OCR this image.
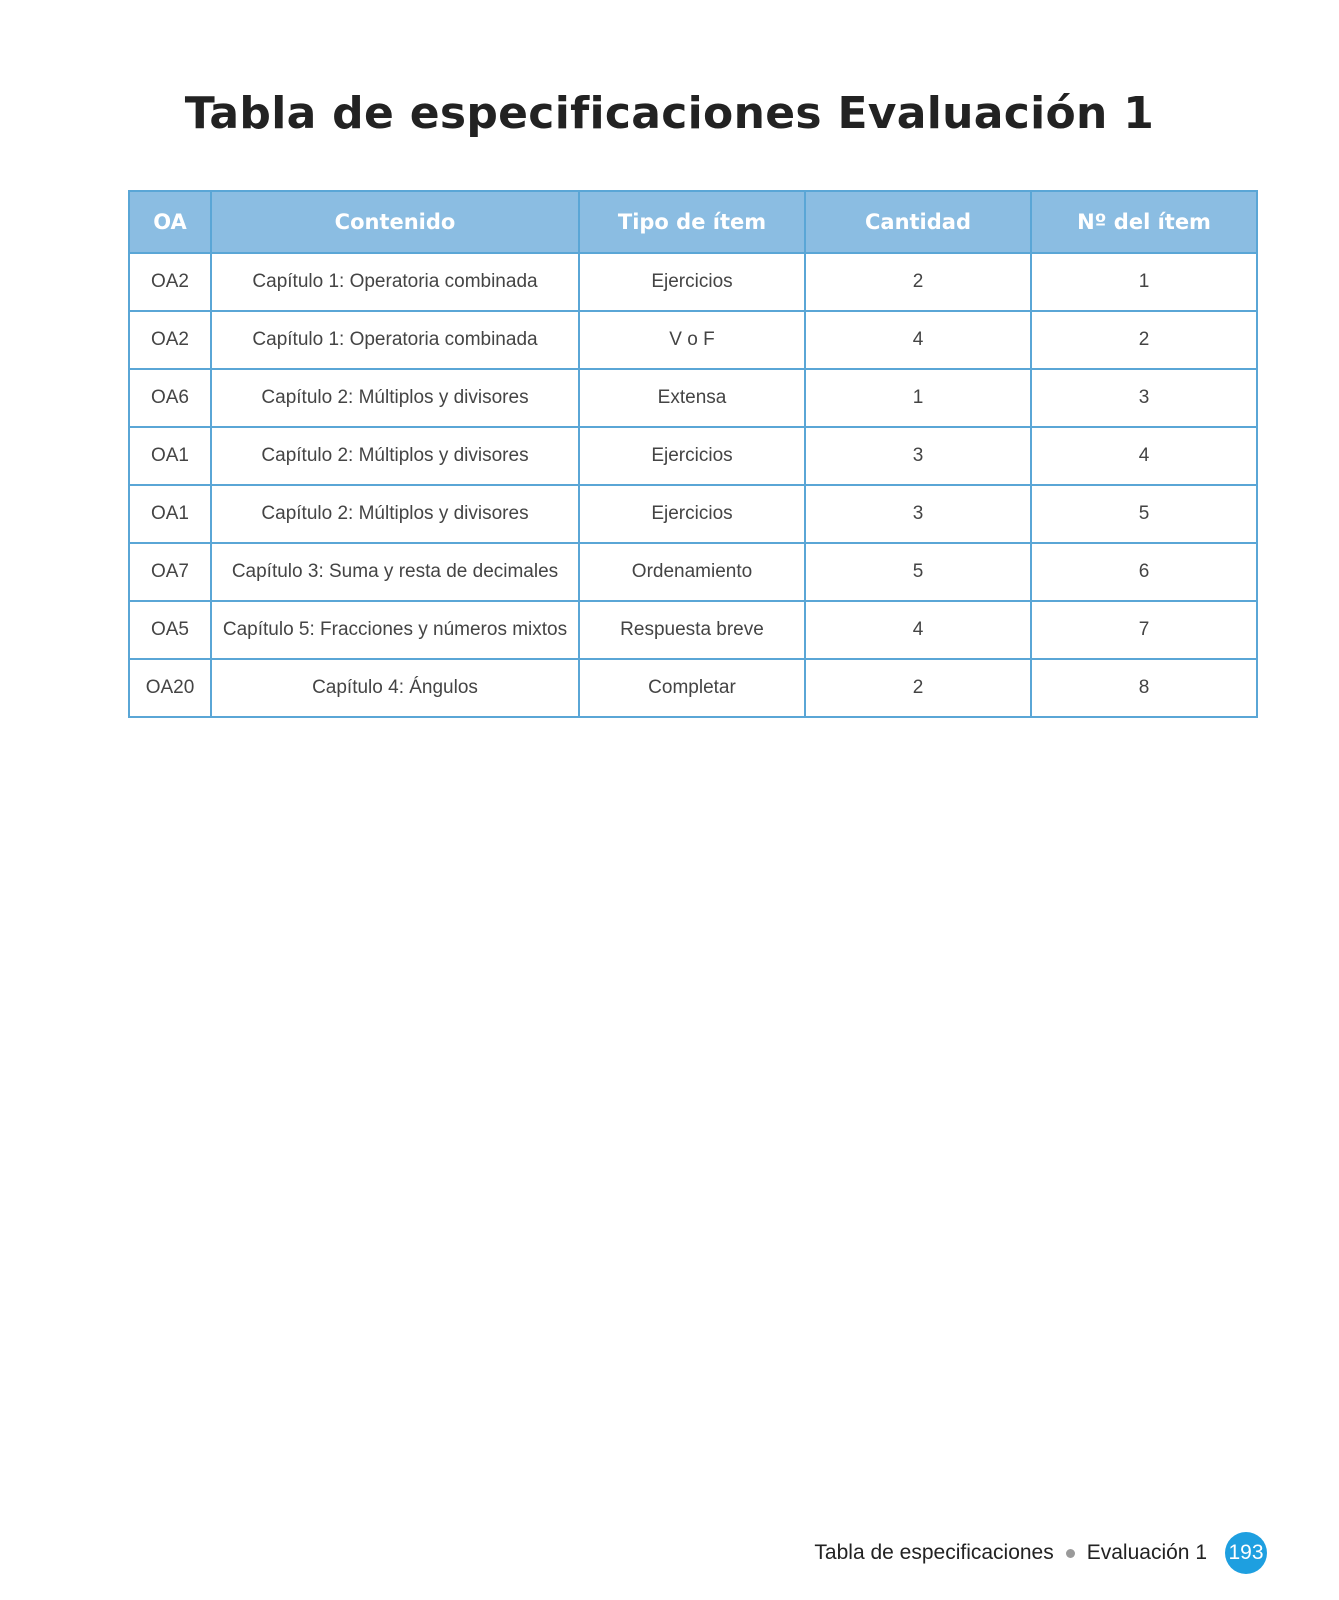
Tabla de especificaciones Evaluación 1
OA	Contenido	Tipo de ítem	Cantidad	Nº del ítem
OA2	Capítulo 1: Operatoria combinada	Ejercicios	2	1
OA2	Capítulo 1: Operatoria combinada	V o F	4	2
OA6	Capítulo 2: Múltiplos y divisores	Extensa	1	3
OA1	Capítulo 2: Múltiplos y divisores	Ejercicios	3	4
OA1	Capítulo 2: Múltiplos y divisores	Ejercicios	3	5
OA7	Capítulo 3: Suma y resta de decimales	Ordenamiento	5	6
OA5	Capítulo 5: Fracciones y números mixtos	Respuesta breve	4	7
OA20	Capítulo 4: Ángulos	Completar	2	8
Tabla de especificaciones Evaluación 1 193
